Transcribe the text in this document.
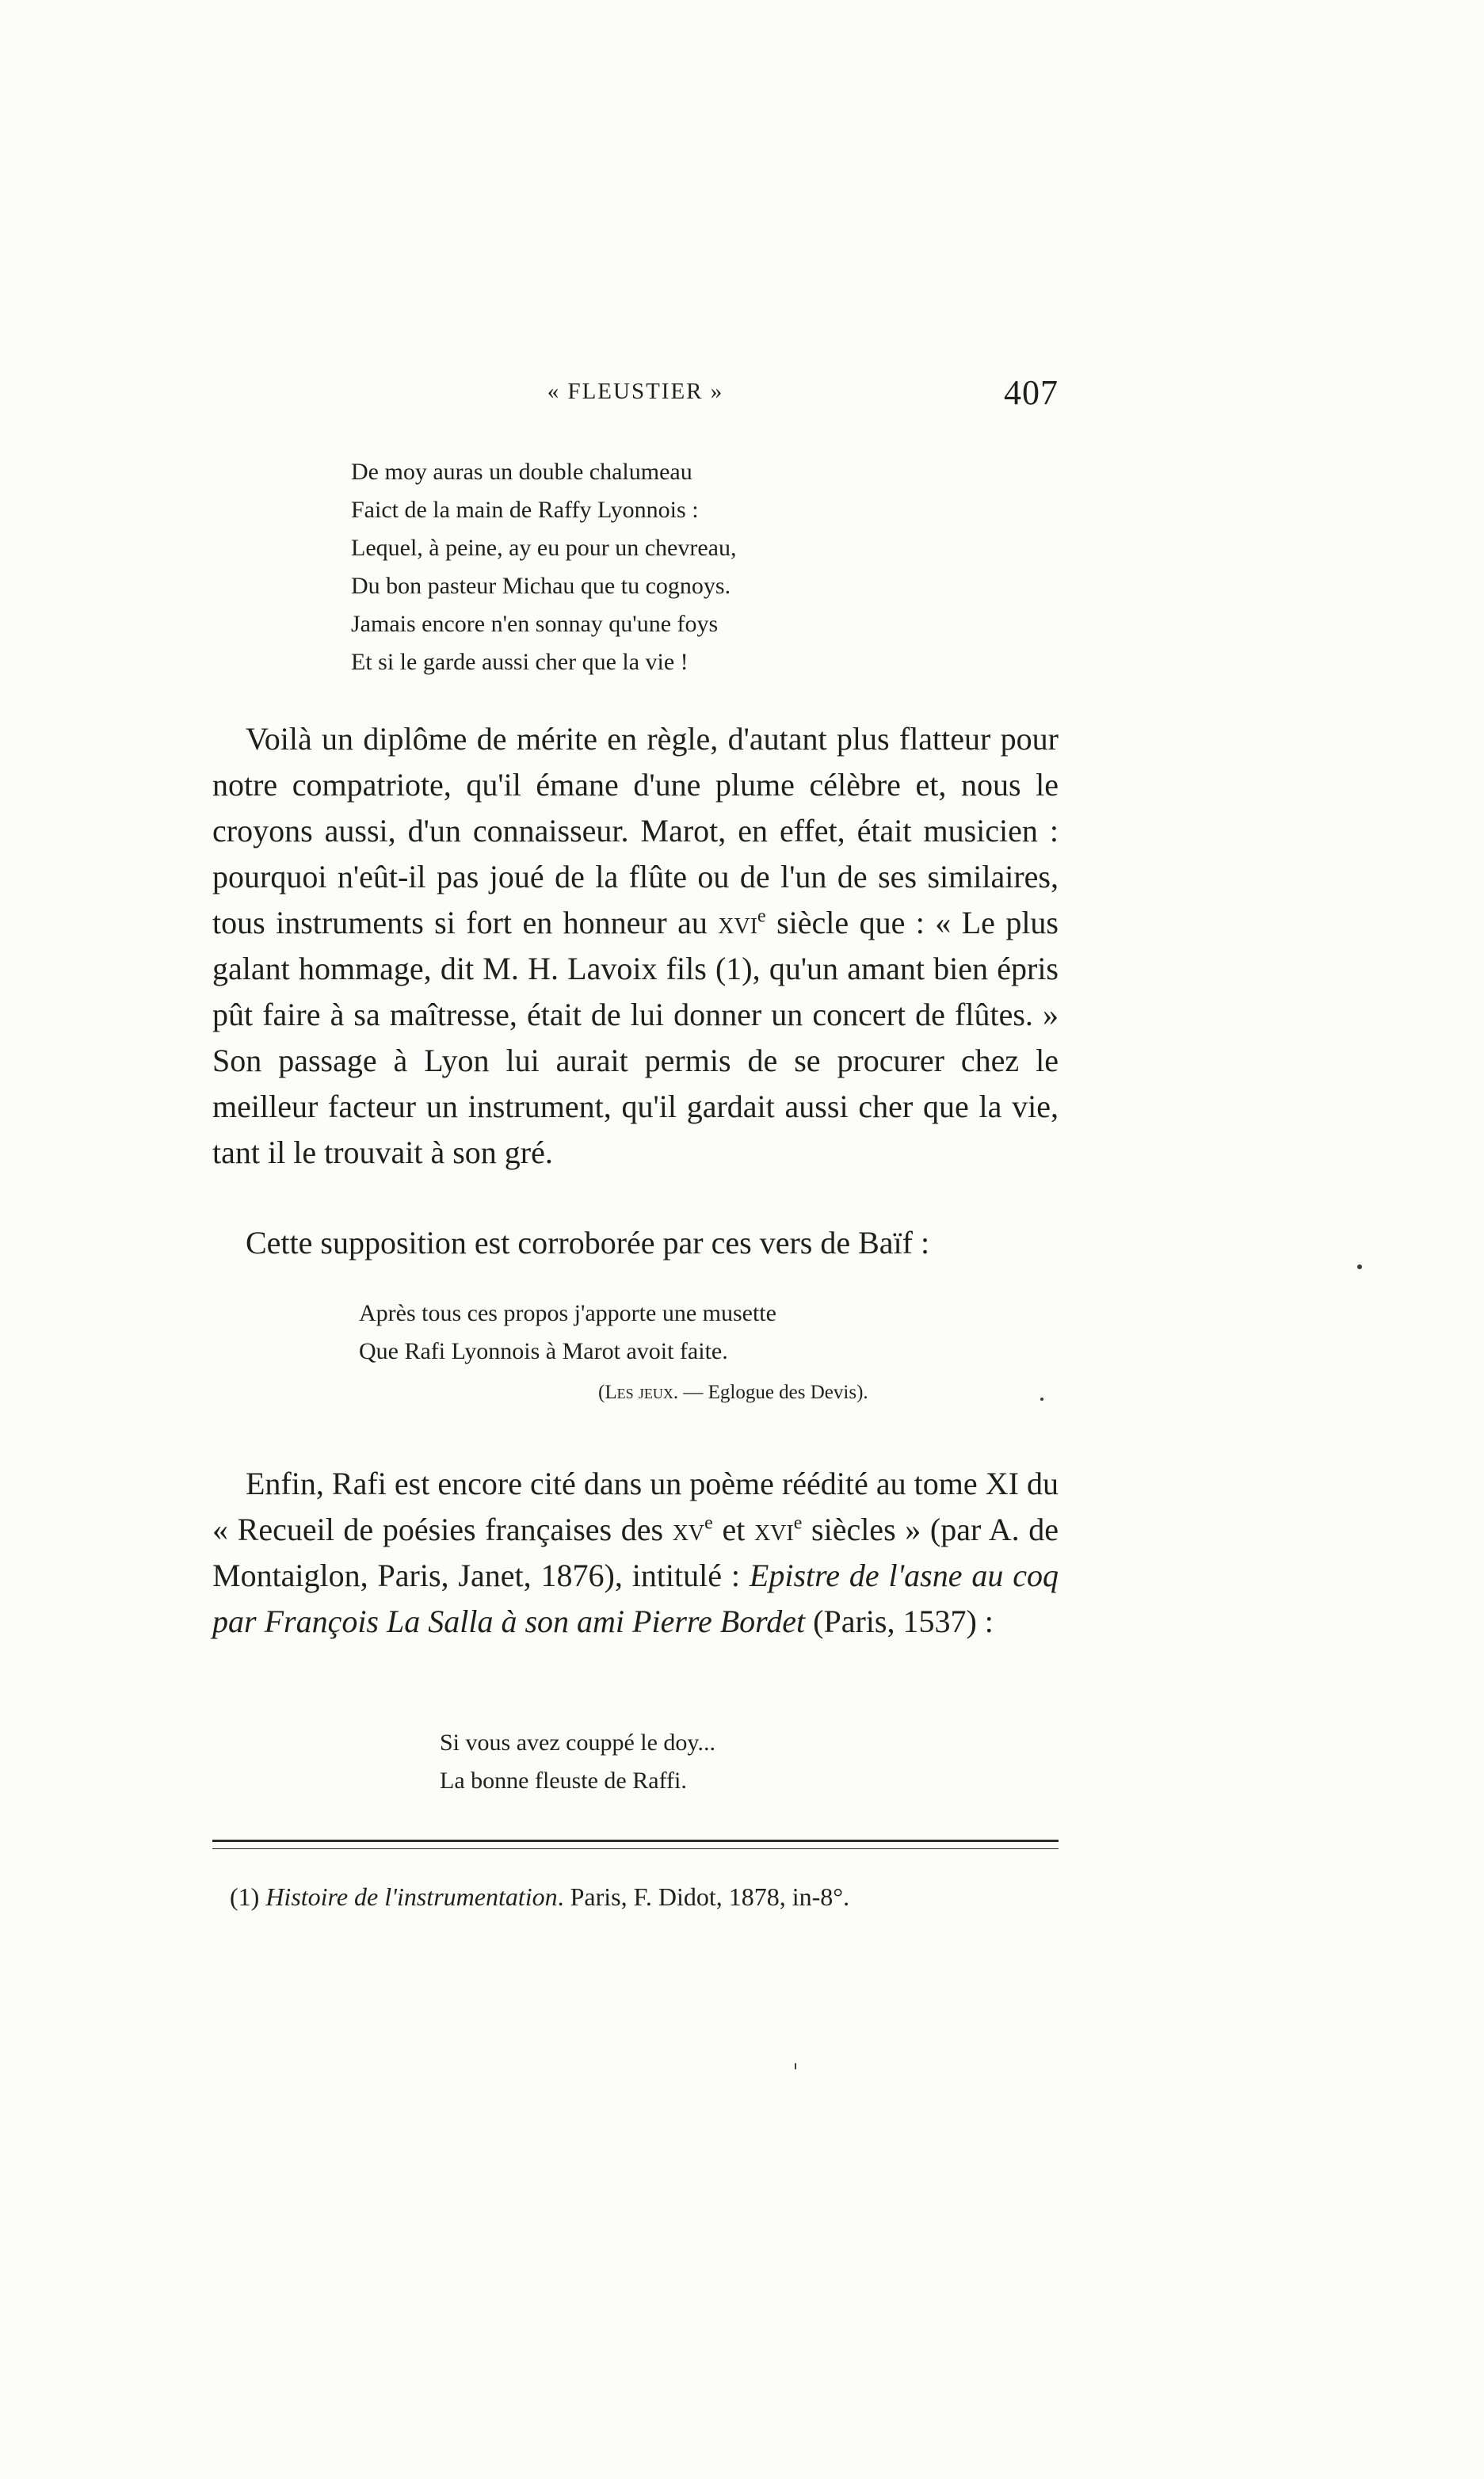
« FLEUSTIER »	407
De moy auras un double chalumeau
Faict de la main de Raffy Lyonnois :
Lequel, à peine, ay eu pour un chevreau,
Du bon pasteur Michau que tu cognoys.
Jamais encore n'en sonnay qu'une foys
Et si le garde aussi cher que la vie !

Voilà un diplôme de mérite en règle, d'autant plus flatteur pour notre compatriote, qu'il émane d'une plume célèbre et, nous le croyons aussi, d'un connaisseur. Marot, en effet, était musicien : pourquoi n'eût-il pas joué de la flûte ou de l'un de ses similaires, tous instruments si fort en honneur au xvi$^e$ siècle que : « Le plus galant hommage, dit M. H. Lavoix fils (1), qu'un amant bien épris pût faire à sa maîtresse, était de lui donner un concert de flûtes. » Son passage à Lyon lui aurait permis de se procurer chez le meilleur facteur un instrument, qu'il gardait aussi cher que la vie, tant il le trouvait à son gré.

Cette supposition est corroborée par ces vers de Baïf :

Après tous ces propos j'apporte une musette
Que Rafi Lyonnois à Marot avoit faite.
(Les jeux. — Eglogue des Devis).

Enfin, Rafi est encore cité dans un poème réédité au tome XI du « Recueil de poésies françaises des $xv^e$ et xvi$^e$ siècles » (par A. de Montaiglon, Paris, Janet, 1876), intitulé : Epistre de l'asne au coq par François La Salla à son ami Pierre Bordet (Paris, 1537) :

Si vous avez couppé le doy...
La bonne fleuste de Raffi.
(1) Histoire de l'instrumentation. Paris, F. Didot, 1878, in-8°.
